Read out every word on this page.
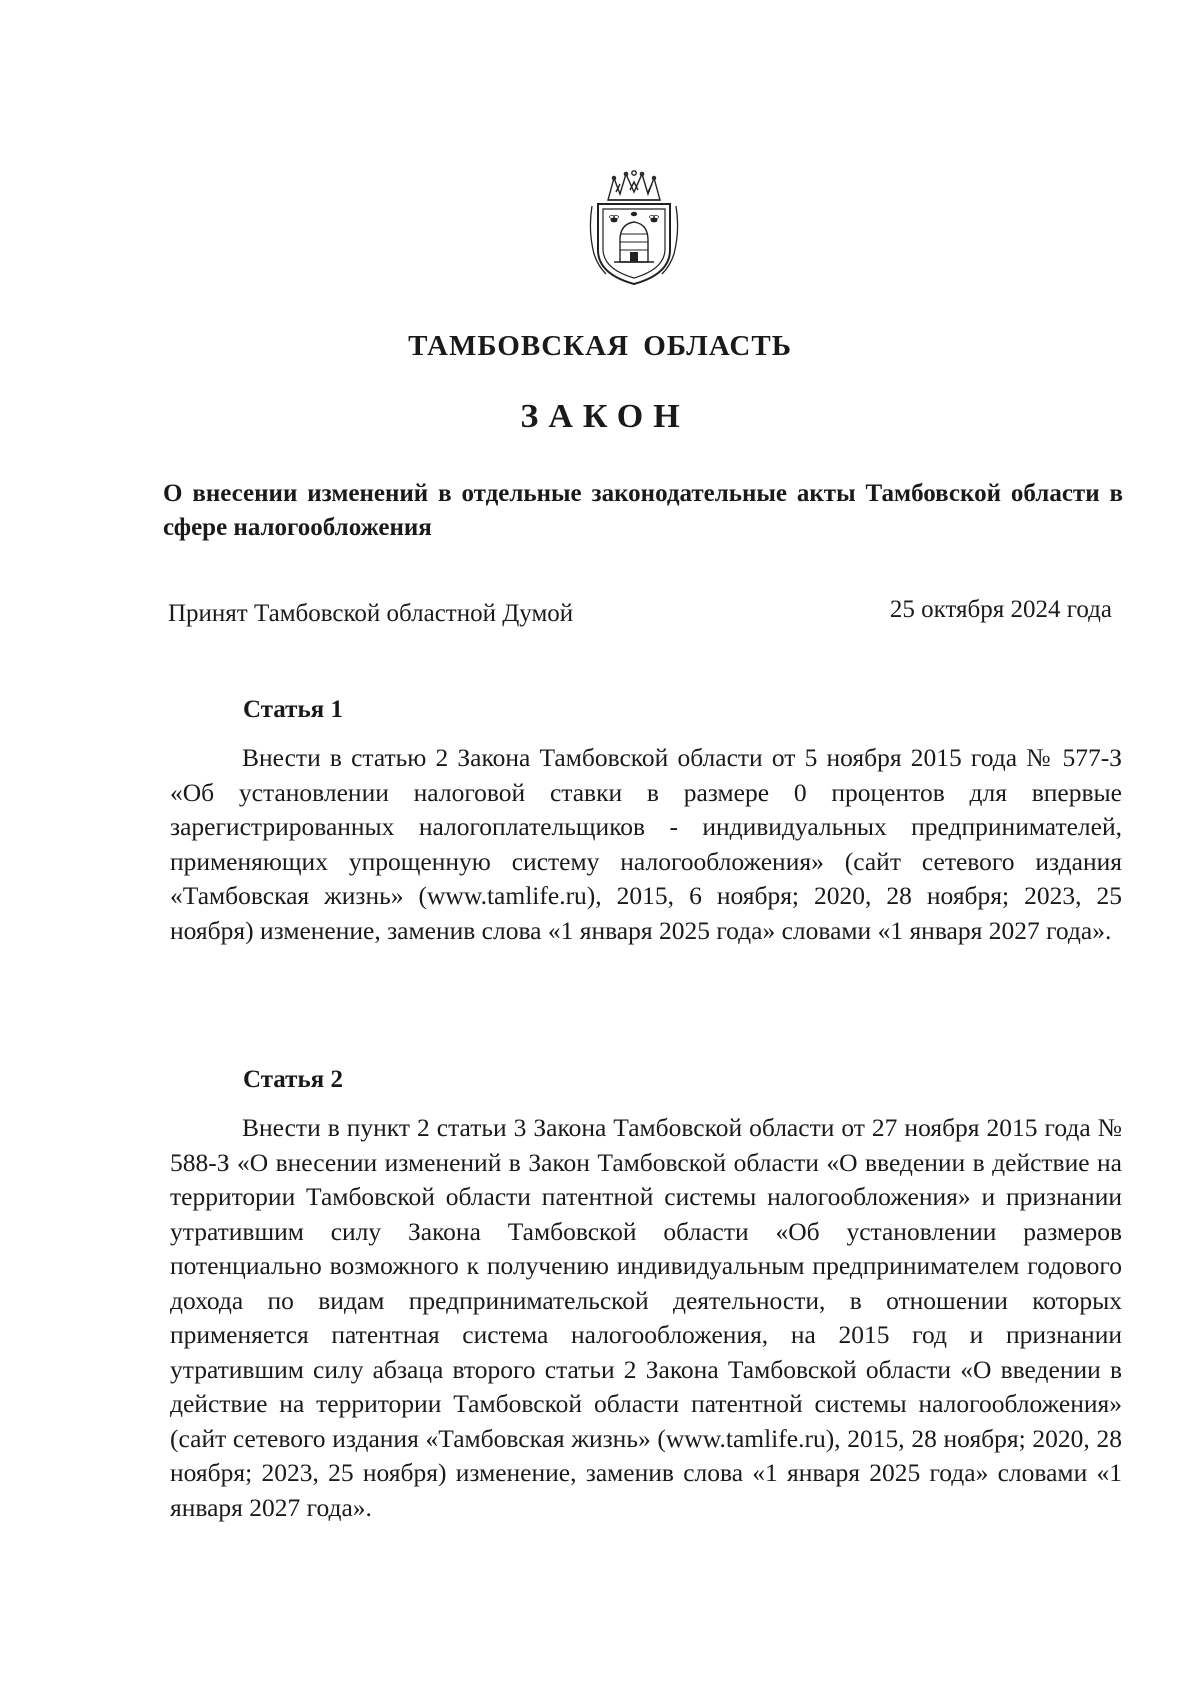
ТАМБОВСКАЯ ОБЛАСТЬ
ЗАКОН
О внесении изменений в отдельные законодательные акты Тамбовской области в сфере налогообложения
Принят Тамбовской областной Думой	25 октября 2024 года
Статья 1

Внести в статью 2 Закона Тамбовской области от 5 ноября 2015 года № 577-З «Об установлении налоговой ставки в размере 0 процентов для впервые зарегистрированных налогоплательщиков - индивидуальных предпринимателей, применяющих упрощенную систему налогообложения» (сайт сетевого издания «Тамбовская жизнь» (www.tamlife.ru), 2015, 6 ноября; 2020, 28 ноября; 2023, 25 ноября) изменение, заменив слова «1 января 2025 года» словами «1 января 2027 года».

Статья 2

Внести в пункт 2 статьи 3 Закона Тамбовской области от 27 ноября 2015 года № 588-З «О внесении изменений в Закон Тамбовской области «О введении в действие на территории Тамбовской области патентной системы налогообложения» и признании утратившим силу Закона Тамбовской области «Об установлении размеров потенциально возможного к получению индивидуальным предпринимателем годового дохода по видам предпринимательской деятельности, в отношении которых применяется патентная система налогообложения, на 2015 год и признании утратившим силу абзаца второго статьи 2 Закона Тамбовской области «О введении в действие на территории Тамбовской области патентной системы налогообложения» (сайт сетевого издания «Тамбовская жизнь» (www.tamlife.ru), 2015, 28 ноября; 2020, 28 ноября; 2023, 25 ноября) изменение, заменив слова «1 января 2025 года» словами «1 января 2027 года».
